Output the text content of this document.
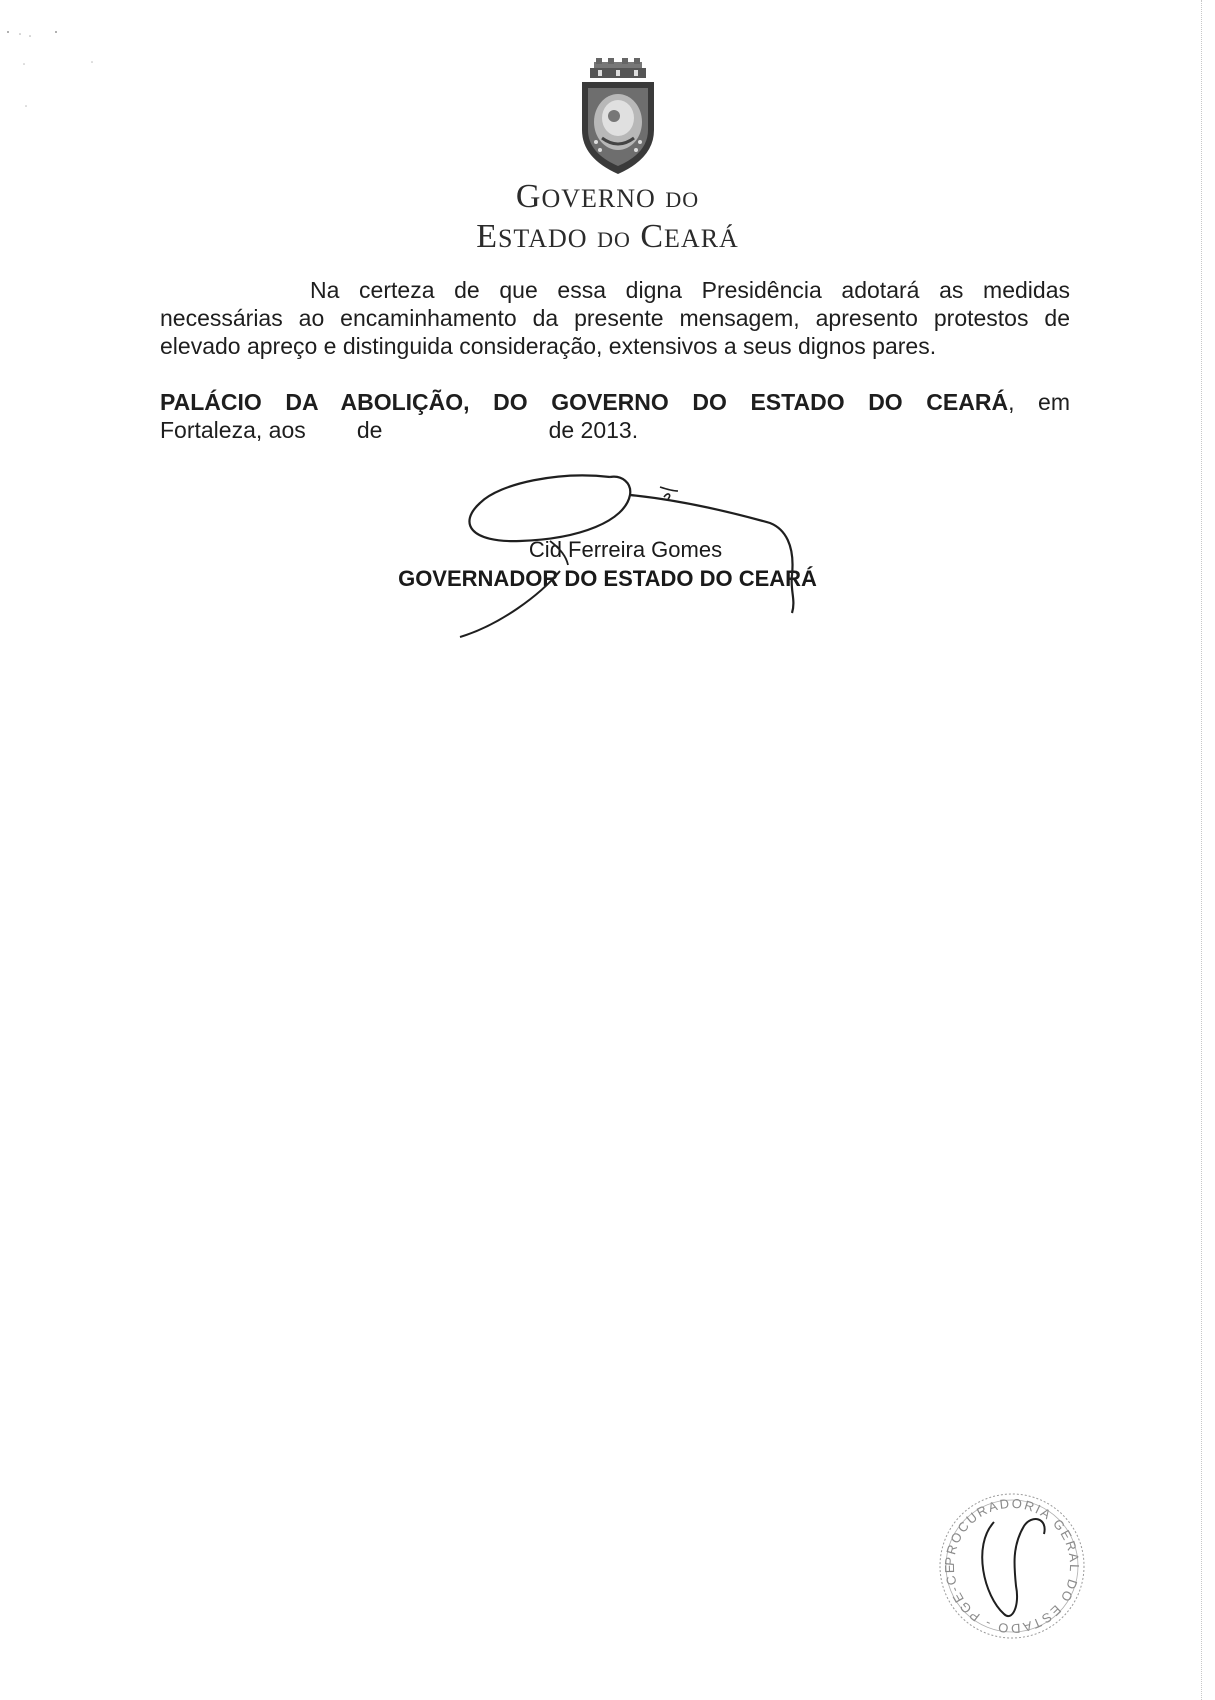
GOVERNO DO
ESTADO DO CEARÁ
Na certeza de que essa digna Presidência adotará as medidas
necessárias ao encaminhamento da presente mensagem, apresento protestos de
elevado apreço e distinguida consideração, extensivos a seus dignos pares.
PALÁCIO DA ABOLIÇÃO, DO GOVERNO DO ESTADO DO CEARÁ, em
Fortaleza, aos        de                          de 2013.
Cid Ferreira Gomes
GOVERNADOR DO ESTADO DO CEARÁ
PROCURADORIA GERAL DO ESTADO - PGE-CE
